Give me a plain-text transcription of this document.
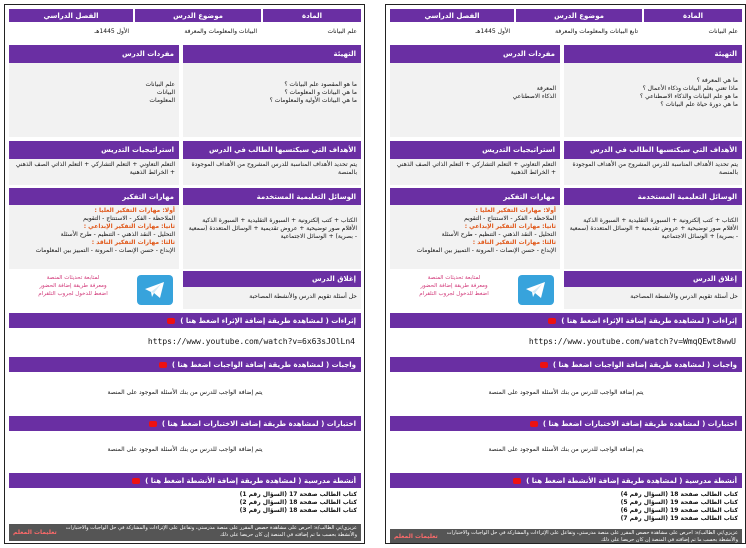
المادة
موضوع الدرس
الفصل الدراسي
علم البيانات
البيانات والمعلومات والمعرفة
الأول 1445هـ
التهيئة
ما هو المقصود علم البيانات ؟
ما هي البيانات و المعلومات ؟
ما هي البيانات الأولية والمعلومات ؟
مفردات الدرس
علم البيانات
البيانات
المعلومات
الأهداف التي سيكتسبها الطالب في الدرس
يتم تحديد الأهداف المناسبة للدرس المشروح من الأهداف الموجودة بالمنصة
استراتيجيات التدريس
التعلم التعاوني + التعلم التشاركي + التعلم الذاتي الصف الذهني + الخرائط الذهنية
الوسائل التعليمية المستخدمة
الكتاب + كتب إلكترونية + السبورة التقليدية + السبورة الذكية الأقلام صور توضيحية + عروض تقديمية + الوسائل المتعددة (سمعية - بصرية) + الوسائل الاجتماعية
مهارات التفكير
أولا: مهارات التفكير العليا :
الملاحظة - الفكر - الاستنتاج - التقويم
ثانيا: مهارات التفكير الإبداعي :
التحليل - النقد الذهني - التنظيم - طرح الأسئلة
ثالثا: مهارات التفكير الناقد :
الإبداع - حسن الإنصات - المرونة - التمييز بين المعلومات
إغلاق الدرس
حل أسئلة تقويم الدرس والأنشطة المصاحبة
لمتابعة تحديثات المنصة
ومعرفة طريقة إضافة الحضور
اضغط للدخول لجروب التلقرام
إثراءات ( لمشاهدة طريقة إضافة الإثراء اضغط هنا )
https://www.youtube.com/watch?v=6x63sJOlLn4
واجبات ( لمشاهدة طريقة إضافة الواجبات اضغط هنا )
يتم إضافة الواجب للدرس من بنك الأسئلة الموجود على المنصة
اختبارات ( لمشاهدة طريقة إضافة الاختبارات اضغط هنا )
يتم إضافة الواجب للدرس من بنك الأسئلة الموجود على المنصة
أنشطة مدرسية ( لمشاهدة طريقة إضافة الأنشطة اضغط هنا )
كتاب الطالب صفحة 17 (السؤال رقم 1)
كتاب الطالب صفحة 18 (السؤال رقم 2)
كتاب الطالب صفحة 18 (السؤال رقم 3)
تعليمات المعلم
عزيزي/تي الطالب/ة: احرص على مشاهدة حصص المقرر على منصة مدرستي، وتفاعل على الإثراءات والمشاركة في حل الواجبات والاختبارات والأنشطة بحسب ما تم إضافته في المنصة إن كان حريصا على ذلك
المادة
موضوع الدرس
الفصل الدراسي
علم البيانات
تابع البيانات والمعلومات والمعرفة
الأول 1445هـ
التهيئة
ما هي المعرفة ؟
ماذا تعني بعلم البيانات وذكاء الأعمال ؟
ما هو علم البيانات والذكاء الاصطناعي ؟
ما هي دورة حياة علم البيانات ؟
مفردات الدرس
المعرفة
الذكاء الاصطناعي
الأهداف التي سيكتسبها الطالب في الدرس
يتم تحديد الأهداف المناسبة للدرس المشروح من الأهداف الموجودة بالمنصة
استراتيجيات التدريس
التعلم التعاوني + التعلم التشاركي + التعلم الذاتي الصف الذهني + الخرائط الذهنية
الوسائل التعليمية المستخدمة
الكتاب + كتب إلكترونية + السبورة التقليدية + السبورة الذكية الأقلام صور توضيحية + عروض تقديمية + الوسائل المتعددة (سمعية - بصرية) + الوسائل الاجتماعية
مهارات التفكير
أولا: مهارات التفكير العليا :
الملاحظة - الفكر - الاستنتاج - التقويم
ثانيا: مهارات التفكير الإبداعي :
التحليل - النقد الذهني - التنظيم - طرح الأسئلة
ثالثا: مهارات التفكير الناقد :
الإبداع - حسن الإنصات - المرونة - التمييز بين المعلومات
إغلاق الدرس
حل أسئلة تقويم الدرس والأنشطة المصاحبة
لمتابعة تحديثات المنصة
ومعرفة طريقة إضافة الحضور
اضغط للدخول لجروب التلقرام
إثراءات ( لمشاهدة طريقة إضافة الإثراء اضغط هنا )
https://www.youtube.com/watch?v=WmqQEwt8wwU
واجبات ( لمشاهدة طريقة إضافة الواجبات اضغط هنا )
يتم إضافة الواجب للدرس من بنك الأسئلة الموجود على المنصة
اختبارات ( لمشاهدة طريقة إضافة الاختبارات اضغط هنا )
يتم إضافة الواجب للدرس من بنك الأسئلة الموجود على المنصة
أنشطة مدرسية ( لمشاهدة طريقة إضافة الأنشطة اضغط هنا )
كتاب الطالب صفحة 18 (السؤال رقم 4)
كتاب الطالب صفحة 19 (السؤال رقم 5)
كتاب الطالب صفحة 19 (السؤال رقم 6)
كتاب الطالب صفحة 19 (السؤال رقم 7)
تعليمات المعلم عزيزي/تي الطالب/ة: احرص على مشاهدة حصص المقرر على منصة مدرستي، وتفاعل على الإثراءات والمشاركة في حل الواجبات والاختبارات والأنشطة بحسب ما تم إضافته في المنصة إن كان حريصا على ذلك
